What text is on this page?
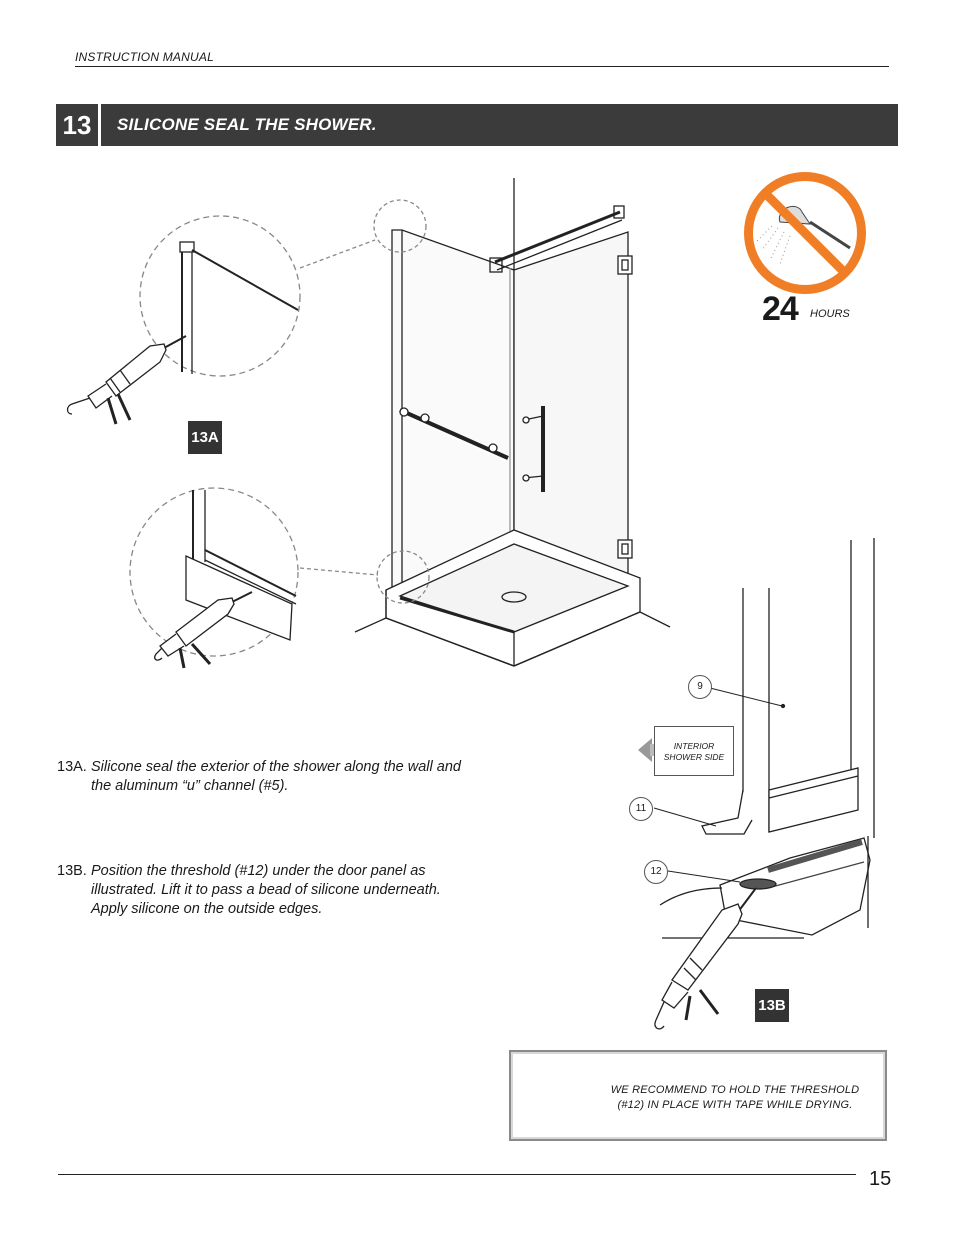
INSTRUCTION MANUAL
13	SILICONE SEAL THE SHOWER.
13A
13B
24 HOURS
9
11
12
INTERIOR
SHOWER SIDE
13A. Silicone seal the exterior of the shower along the wall and the aluminum “u” channel (#5).
13B. Position the threshold (#12) under the door panel as illustrated. Lift it to pass a bead of silicone underneath. Apply silicone on the outside edges.
WE RECOMMEND TO HOLD THE THRESHOLD (#12) IN PLACE WITH TAPE WHILE DRYING.
15
